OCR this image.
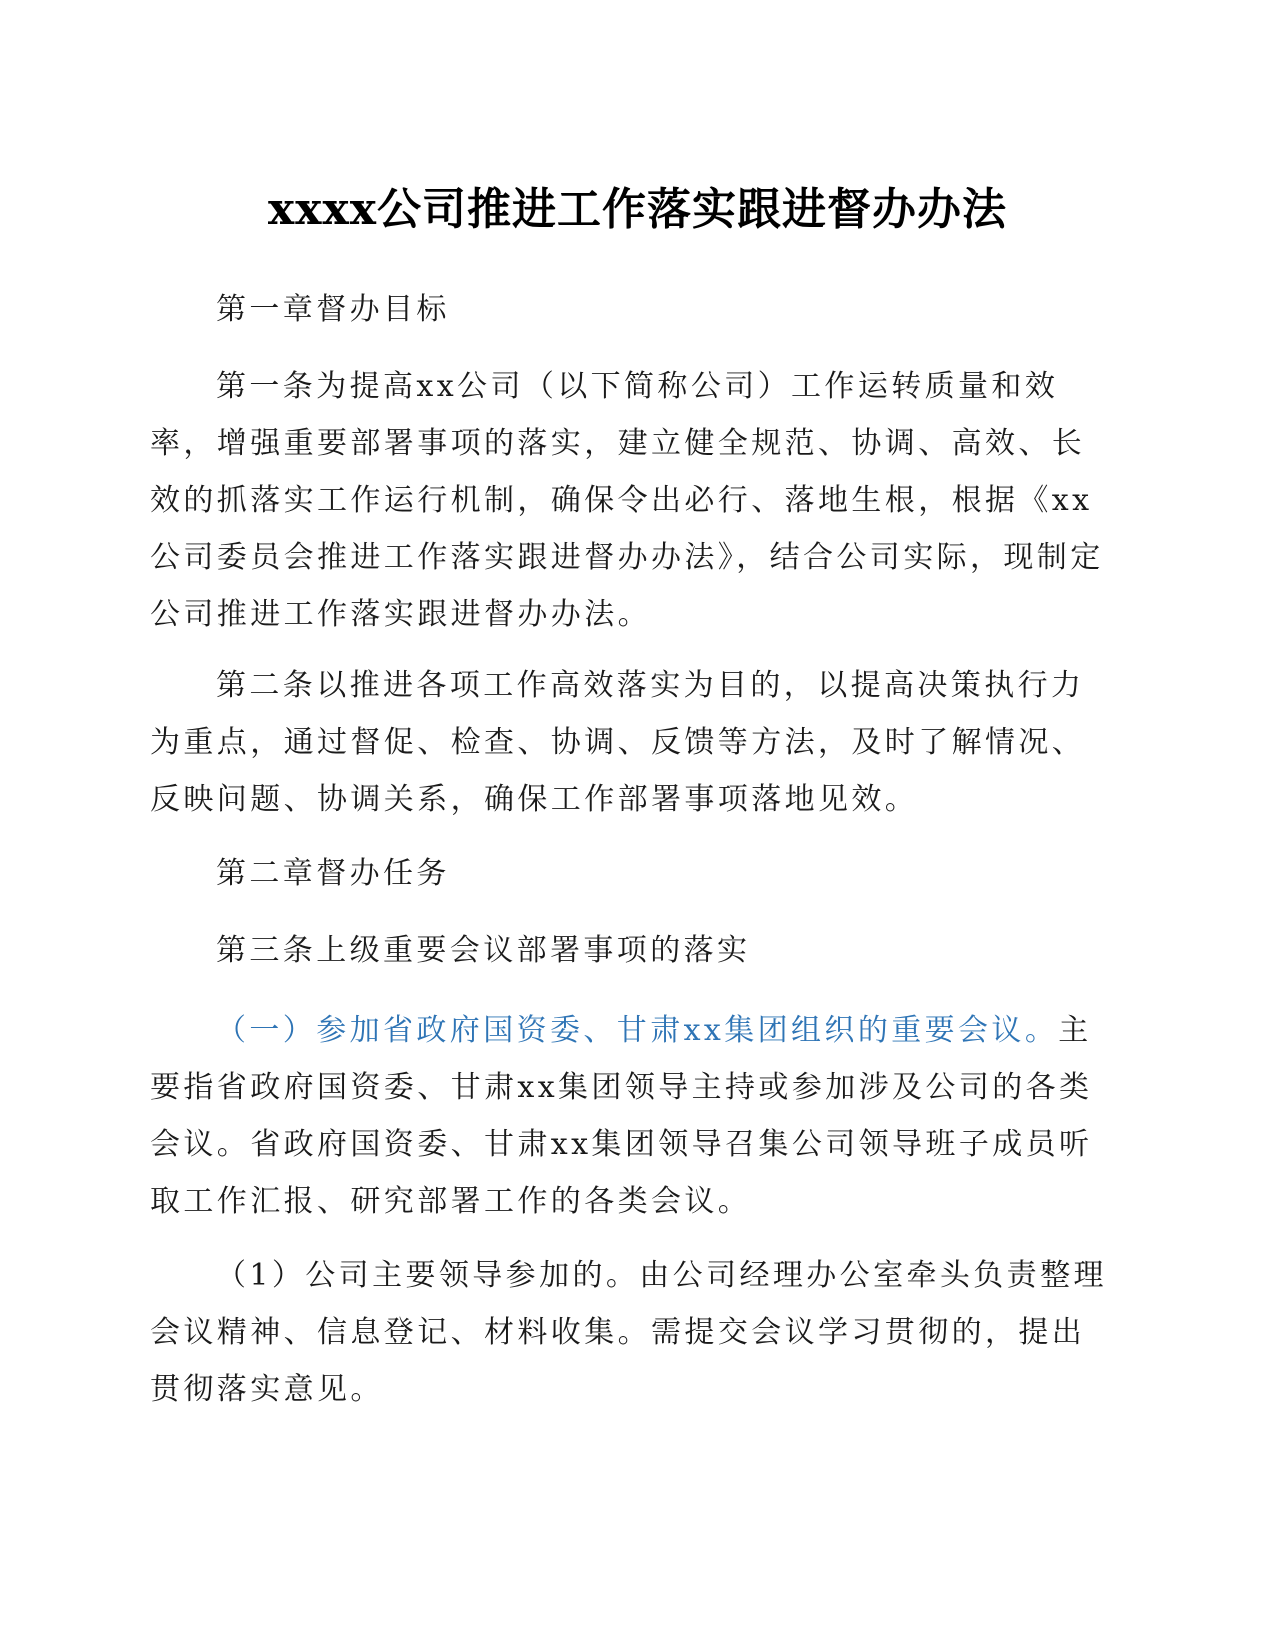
xxxx公司推进工作落实跟进督办办法

第一章督办目标

第一条为提高xx公司（以下简称公司）工作运转质量和效率，增强重要部署事项的落实，建立健全规范、协调、高效、长效的抓落实工作运行机制，确保令出必行、落地生根，根据《xx公司委员会推进工作落实跟进督办办法》，结合公司实际，现制定公司推进工作落实跟进督办办法。

第二条以推进各项工作高效落实为目的，以提高决策执行力为重点，通过督促、检查、协调、反馈等方法，及时了解情况、反映问题、协调关系，确保工作部署事项落地见效。

第二章督办任务

第三条上级重要会议部署事项的落实

（一）参加省政府国资委、甘肃xx集团组织的重要会议。主要指省政府国资委、甘肃xx集团领导主持或参加涉及公司的各类会议。省政府国资委、甘肃xx集团领导召集公司领导班子成员听取工作汇报、研究部署工作的各类会议。

（1）公司主要领导参加的。由公司经理办公室牵头负责整理会议精神、信息登记、材料收集。需提交会议学习贯彻的，提出贯彻落实意见。
